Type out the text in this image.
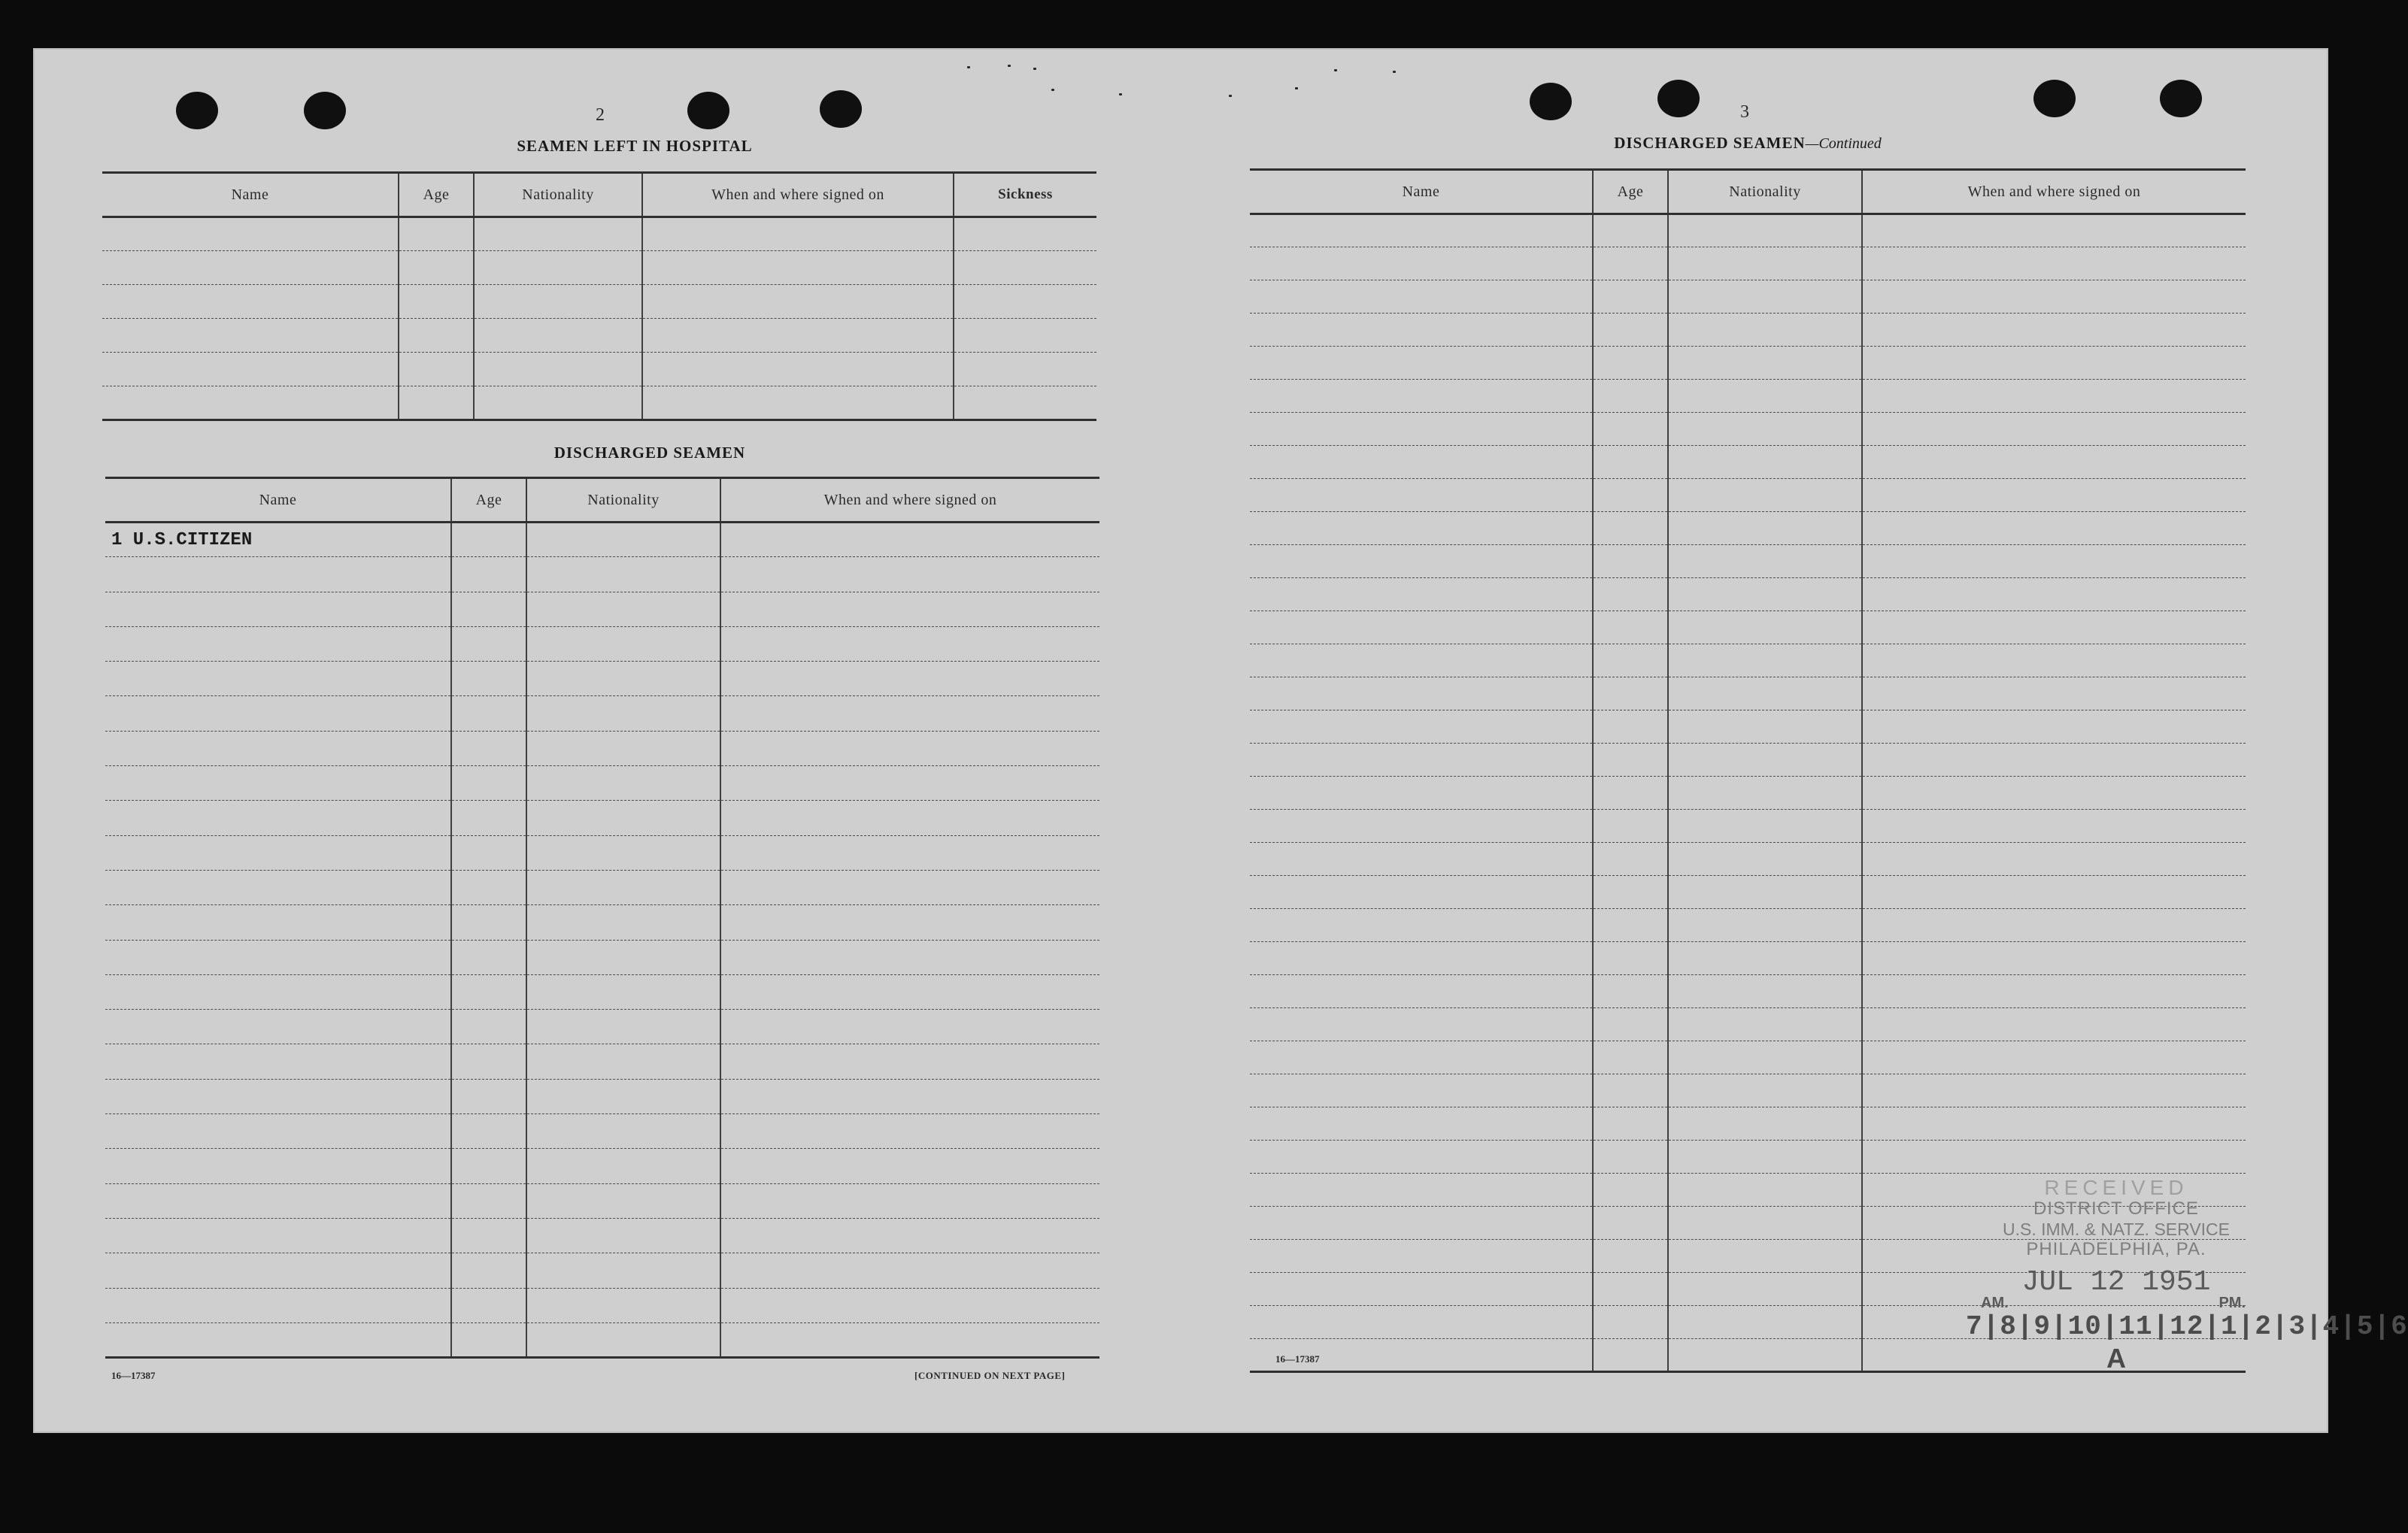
2
SEAMEN LEFT IN HOSPITAL
Name	Age	Nationality	When and where signed on	Sickness

DISCHARGED SEAMEN
Name	Age	Nationality	When and where signed on
1 U.S.CITIZEN			

16—17387	[CONTINUED ON NEXT PAGE]
3
DISCHARGED SEAMEN—Continued
Name	Age	Nationality	When and where signed on

16—17387
RECEIVED
DISTRICT OFFICE
U.S. IMM. & NATZ. SERVICE
PHILADELPHIA, PA.
JUL 12 1951
AM.	PM.
7|8|9|10|11|12|1|2|3|4|5|6
A
